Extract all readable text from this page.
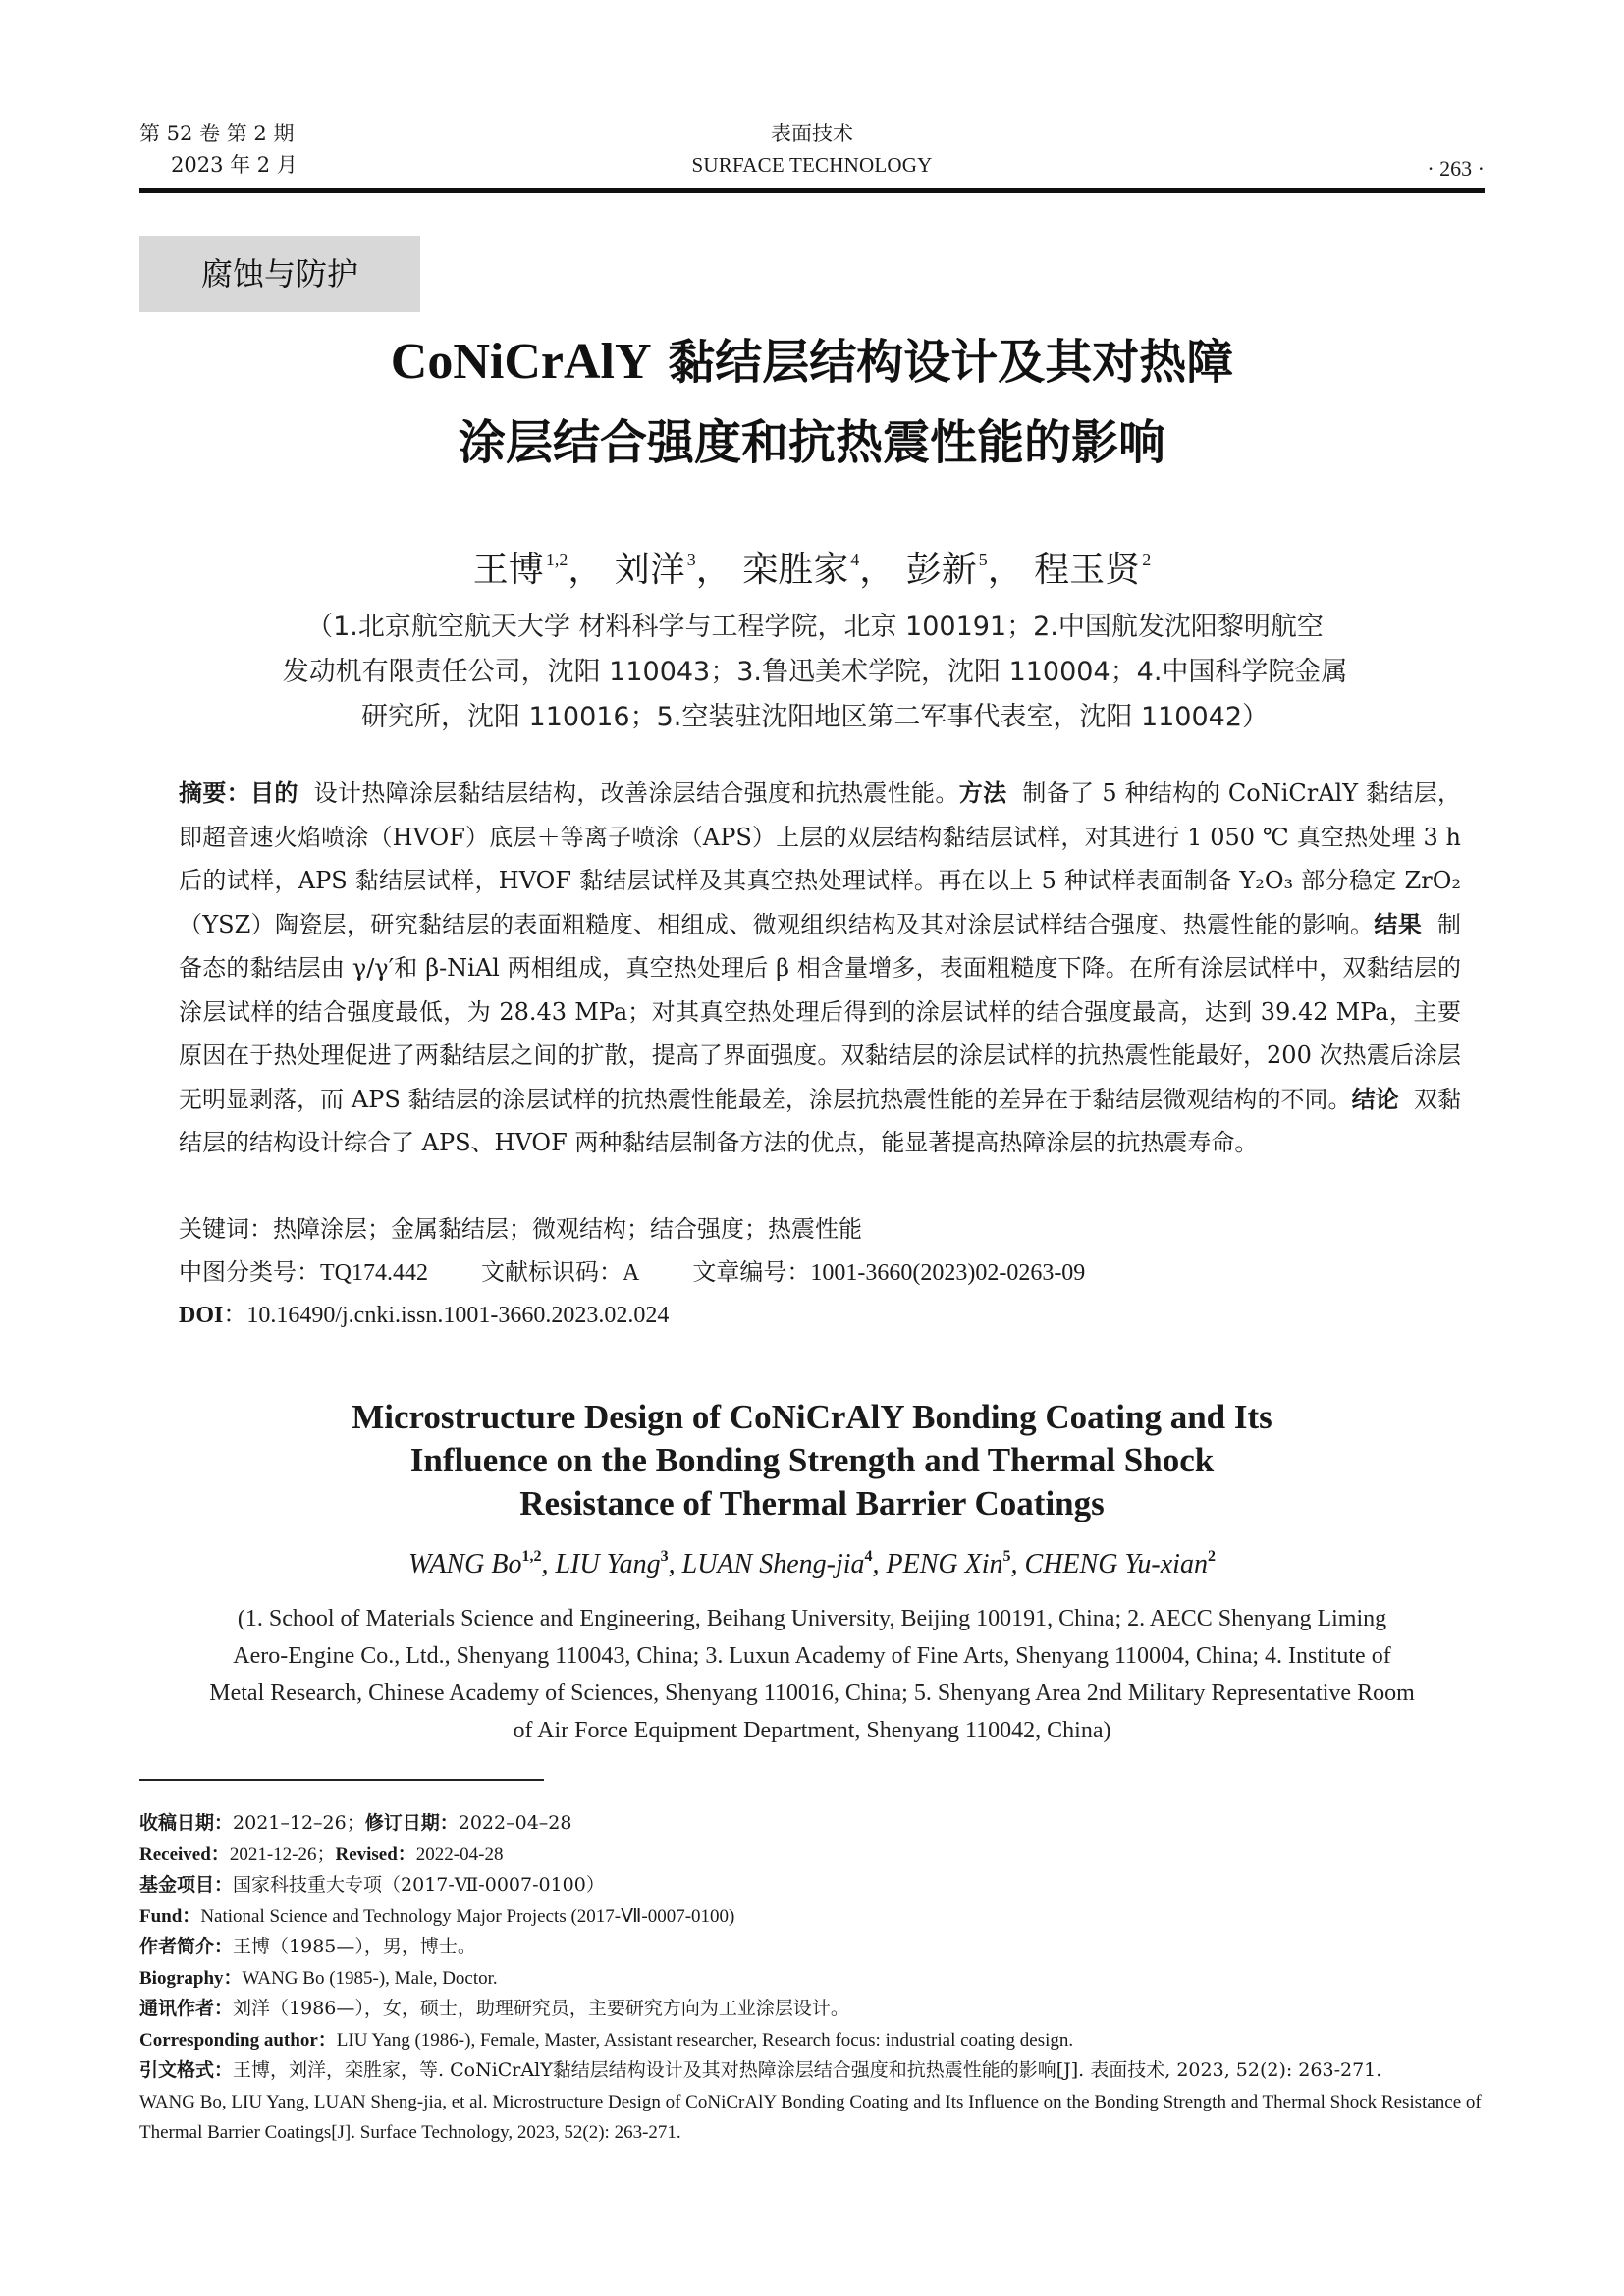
第 52 卷 第 2 期
2023 年 2 月
表面技术
SURFACE TECHNOLOGY	· 263 ·
腐蚀与防护
CoNiCrAlY 黏结层结构设计及其对热障
涂层结合强度和抗热震性能的影响
王博 $^{1,2}$， 刘洋 $^3$， 栾胜家 $^4$， 彭新 $^5$， 程玉贤 $^2$
（1.北京航空航天大学 材料科学与工程学院，北京 100191；2.中国航发沈阳黎明航空
发动机有限责任公司，沈阳 110043；3.鲁迅美术学院，沈阳 110004；4.中国科学院金属
研究所，沈阳 110016；5.空装驻沈阳地区第二军事代表室，沈阳 110042）
摘要：目的 设计热障涂层黏结层结构，改善涂层结合强度和抗热震性能。方法 制备了 5 种结构的 CoNiCrAlY 黏结层，即超音速火焰喷涂（HVOF）底层＋等离子喷涂（APS）上层的双层结构黏结层试样，对其进行 1 050 ℃ 真空热处理 3 h 后的试样，APS 黏结层试样，HVOF 黏结层试样及其真空热处理试样。再在以上 5 种试样表面制备 Y₂O₃ 部分稳定 ZrO₂（YSZ）陶瓷层，研究黏结层的表面粗糙度、相组成、微观组织结构及其对涂层试样结合强度、热震性能的影响。结果 制备态的黏结层由 γ/γ′和 β-NiAl 两相组成，真空热处理后 β 相含量增多，表面粗糙度下降。在所有涂层试样中，双黏结层的涂层试样的结合强度最低，为 28.43 MPa；对其真空热处理后得到的涂层试样的结合强度最高，达到 39.42 MPa，主要原因在于热处理促进了两黏结层之间的扩散，提高了界面强度。双黏结层的涂层试样的抗热震性能最好，200 次热震后涂层无明显剥落，而 APS 黏结层的涂层试样的抗热震性能最差，涂层抗热震性能的差异在于黏结层微观结构的不同。结论 双黏结层的结构设计综合了 APS、HVOF 两种黏结层制备方法的优点，能显著提高热障涂层的抗热震寿命。
关键词：热障涂层；金属黏结层；微观结构；结合强度；热震性能
中图分类号：TQ174.442 文献标识码：A 文章编号：1001-3660(2023)02-0263-09
DOI：10.16490/j.cnki.issn.1001-3660.2023.02.024
Microstructure Design of CoNiCrAlY Bonding Coating and Its
Influence on the Bonding Strength and Thermal Shock
Resistance of Thermal Barrier Coatings
WANG Bo$^{1,2}$, LIU Yang$^3$, LUAN Sheng-jia$^4$, PENG Xin$^5$, CHENG Yu-xian$^2$
(1. School of Materials Science and Engineering, Beihang University, Beijing 100191, China; 2. AECC Shenyang Liming
Aero-Engine Co., Ltd., Shenyang 110043, China; 3. Luxun Academy of Fine Arts, Shenyang 110004, China; 4. Institute of
Metal Research, Chinese Academy of Sciences, Shenyang 110016, China; 5. Shenyang Area 2nd Military Representative Room
of Air Force Equipment Department, Shenyang 110042, China)
收稿日期：2021–12–26；修订日期：2022–04–28
Received：2021-12-26；Revised：2022-04-28
基金项目：国家科技重大专项（2017-Ⅶ-0007-0100）
Fund：National Science and Technology Major Projects (2017-Ⅶ-0007-0100)
作者简介：王博（1985—），男，博士。
Biography：WANG Bo (1985-), Male, Doctor.
通讯作者：刘洋（1986—），女，硕士，助理研究员，主要研究方向为工业涂层设计。
Corresponding author：LIU Yang (1986-), Female, Master, Assistant researcher, Research focus: industrial coating design.
引文格式：王博，刘洋，栾胜家，等. CoNiCrAlY黏结层结构设计及其对热障涂层结合强度和抗热震性能的影响[J]. 表面技术, 2023, 52(2): 263-271.
WANG Bo, LIU Yang, LUAN Sheng-jia, et al. Microstructure Design of CoNiCrAlY Bonding Coating and Its Influence on the Bonding Strength and Thermal Shock Resistance of Thermal Barrier Coatings[J]. Surface Technology, 2023, 52(2): 263-271.
